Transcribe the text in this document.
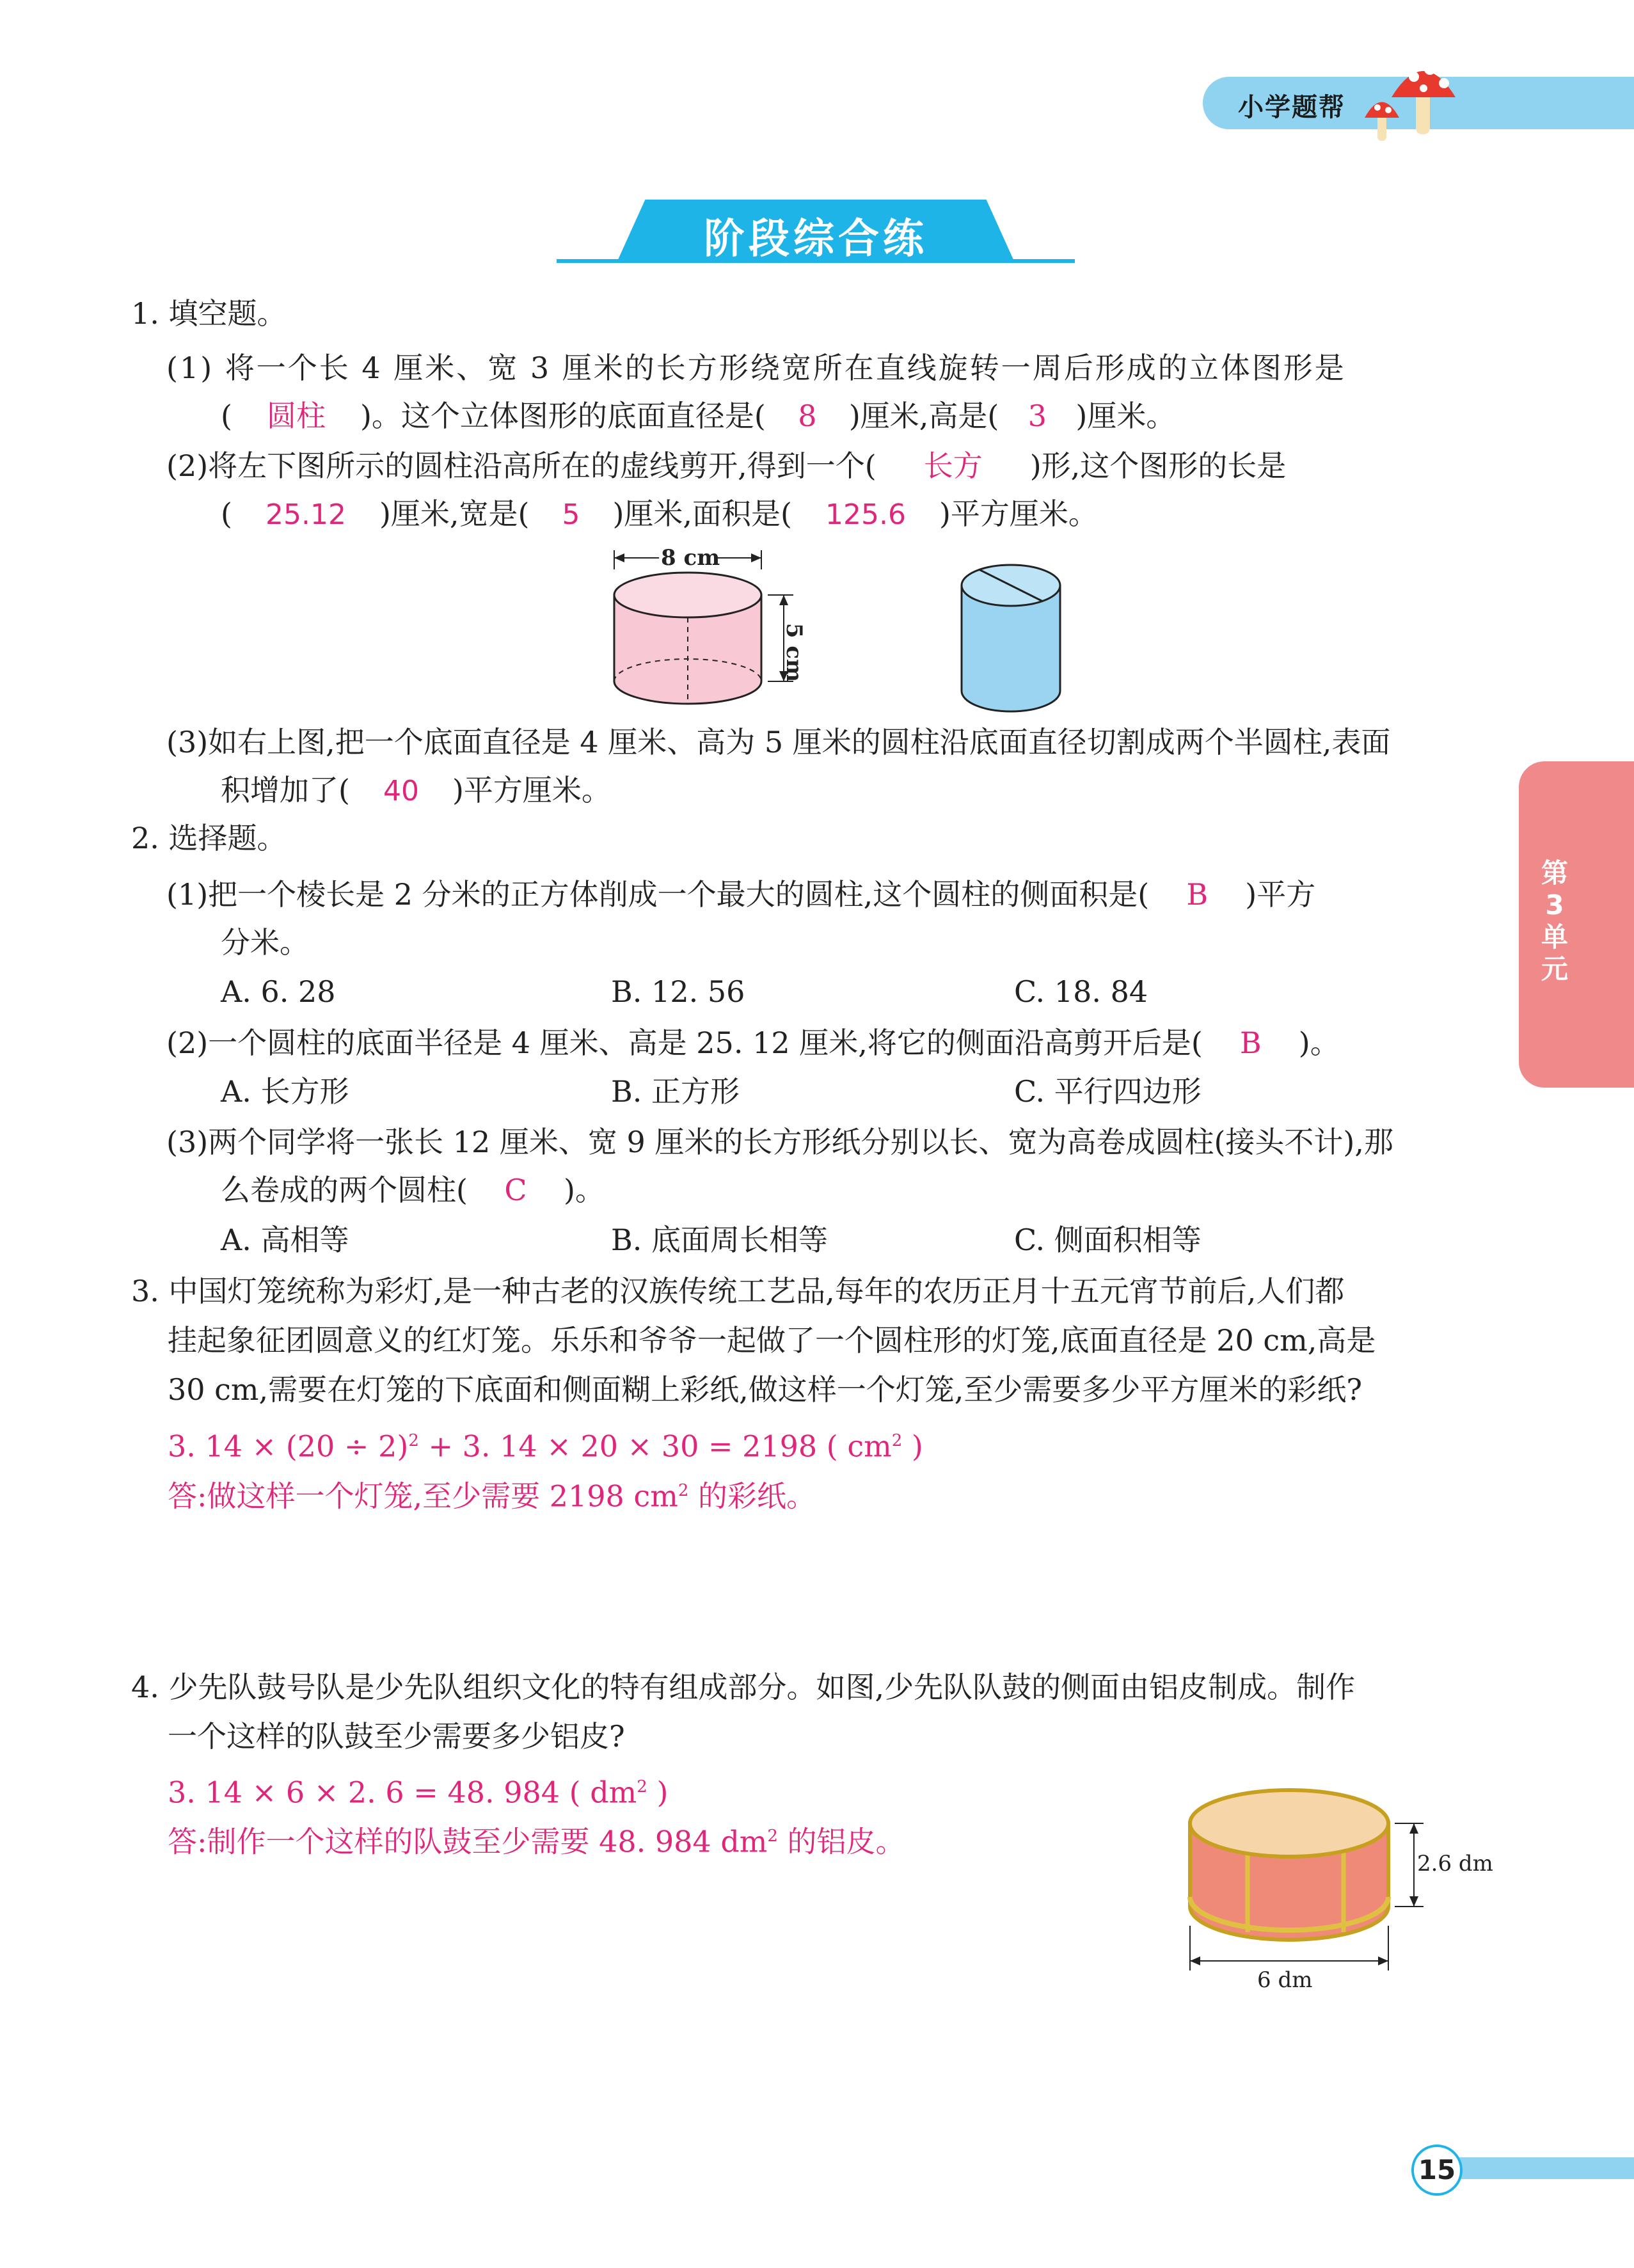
小学题帮
阶段综合练
第3单元
1. 填空题。
(1) 将一个长 4 厘米、宽 3 厘米的长方形绕宽所在直线旋转一周后形成的立体图形是
( 圆柱 )。这个立体图形的底面直径是( 8 )厘米,高是( 3 )厘米。
(2)将左下图所示的圆柱沿高所在的虚线剪开,得到一个( 长方 )形,这个图形的长是
( 25.12 )厘米,宽是( 5 )厘米,面积是( 125.6 )平方厘米。
8 cm
5 cm
(3)如右上图,把一个底面直径是 4 厘米、高为 5 厘米的圆柱沿底面直径切割成两个半圆柱,表面
积增加了( 40 )平方厘米。
2. 选择题。
(1)把一个棱长是 2 分米的正方体削成一个最大的圆柱,这个圆柱的侧面积是( B )平方
分米。
A. 6. 28	B. 12. 56	C. 18. 84
(2)一个圆柱的底面半径是 4 厘米、高是 25. 12 厘米,将它的侧面沿高剪开后是( B )。
A. 长方形	B. 正方形	C. 平行四边形
(3)两个同学将一张长 12 厘米、宽 9 厘米的长方形纸分别以长、宽为高卷成圆柱(接头不计),那
么卷成的两个圆柱( C )。
A. 高相等	B. 底面周长相等	C. 侧面积相等
3. 中国灯笼统称为彩灯,是一种古老的汉族传统工艺品,每年的农历正月十五元宵节前后,人们都
挂起象征团圆意义的红灯笼。乐乐和爷爷一起做了一个圆柱形的灯笼,底面直径是 20 cm,高是
30 cm,需要在灯笼的下底面和侧面糊上彩纸,做这样一个灯笼,至少需要多少平方厘米的彩纸?
3. $14 \times (20 \div 2)^2 + 3$. 14 × 20 × 30 = 2198 ( $cm^2$ )
答:做这样一个灯笼,至少需要 2198 $cm^2$ 的彩纸。
4. 少先队鼓号队是少先队组织文化的特有组成部分。如图,少先队队鼓的侧面由铝皮制成。制作
一个这样的队鼓至少需要多少铝皮?
3. 14 × 6 × 2. 6 = 48. 984 ( $dm^2$ )
答:制作一个这样的队鼓至少需要 48. 984 $dm^2$ 的铝皮。
2.6 dm
6 dm
15
